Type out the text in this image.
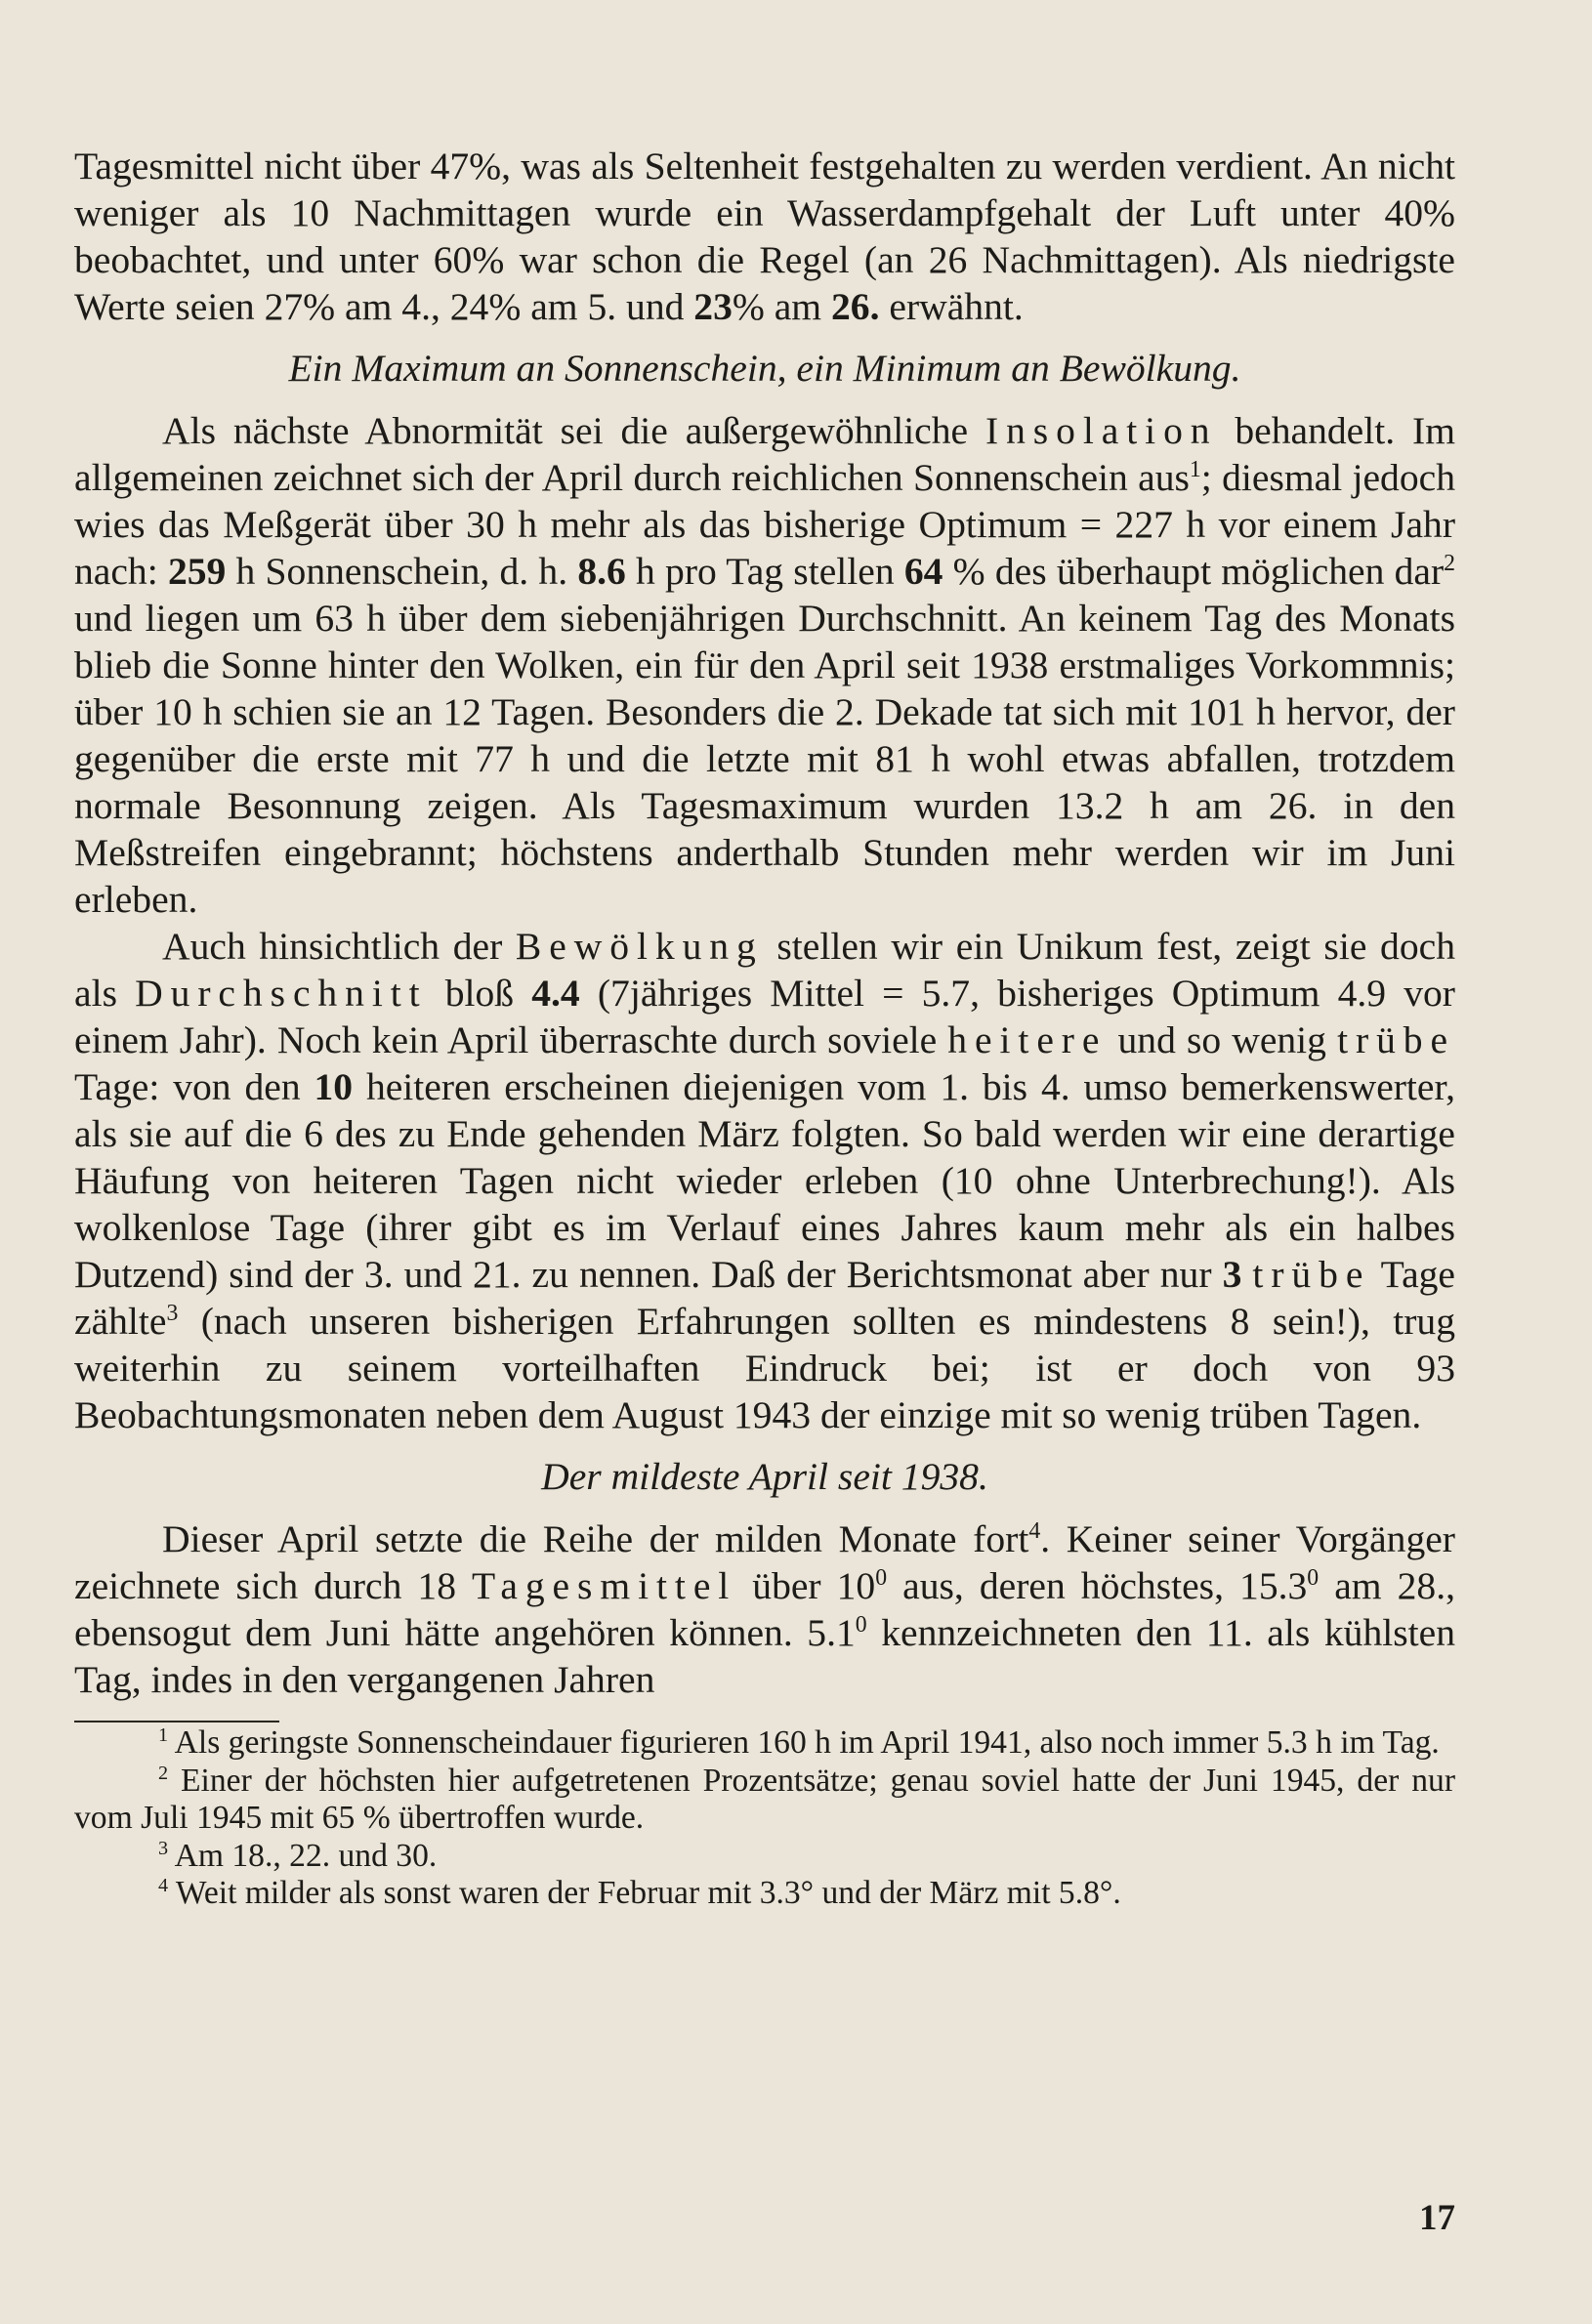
Tagesmittel nicht über 47%, was als Seltenheit festgehalten zu werden verdient. An nicht weniger als 10 Nachmittagen wurde ein Wasserdampfgehalt der Luft unter 40% beobachtet, und unter 60% war schon die Regel (an 26 Nachmittagen). Als niedrigste Werte seien 27% am 4., 24% am 5. und 23% am 26. erwähnt.

Ein Maximum an Sonnenschein, ein Minimum an Bewölkung.

Als nächste Abnormität sei die außergewöhnliche Insolation behandelt. Im allgemeinen zeichnet sich der April durch reichlichen Sonnenschein aus$^1$; diesmal jedoch wies das Meßgerät über 30 h mehr als das bisherige Optimum = 227 h vor einem Jahr nach: 259 h Sonnenschein, d. h. 8.6 h pro Tag stellen 64 % des überhaupt möglichen dar$^2$ und liegen um 63 h über dem siebenjährigen Durchschnitt. An keinem Tag des Monats blieb die Sonne hinter den Wolken, ein für den April seit 1938 erstmaliges Vorkommnis; über 10 h schien sie an 12 Tagen. Besonders die 2. Dekade tat sich mit 101 h hervor, der gegenüber die erste mit 77 h und die letzte mit 81 h wohl etwas abfallen, trotzdem normale Besonnung zeigen. Als Tagesmaximum wurden 13.2 h am 26. in den Meßstreifen eingebrannt; höchstens anderthalb Stunden mehr werden wir im Juni erleben.

Auch hinsichtlich der Bewölkung stellen wir ein Unikum fest, zeigt sie doch als Durchschnitt bloß 4.4 (7jähriges Mittel = 5.7, bisheriges Optimum 4.9 vor einem Jahr). Noch kein April überraschte durch soviele heitere und so wenig trübe Tage: von den 10 heiteren erscheinen diejenigen vom 1. bis 4. umso bemerkenswerter, als sie auf die 6 des zu Ende gehenden März folgten. So bald werden wir eine derartige Häufung von heiteren Tagen nicht wieder erleben (10 ohne Unterbrechung!). Als wolkenlose Tage (ihrer gibt es im Verlauf eines Jahres kaum mehr als ein halbes Dutzend) sind der 3. und 21. zu nennen. Daß der Berichtsmonat aber nur 3 trübe Tage zählte$^3$ (nach unseren bisherigen Erfahrungen sollten es mindestens 8 sein!), trug weiterhin zu seinem vorteilhaften Eindruck bei; ist er doch von 93 Beobachtungsmonaten neben dem August 1943 der einzige mit so wenig trüben Tagen.

Der mildeste April seit 1938.

Dieser April setzte die Reihe der milden Monate fort$^4$. Keiner seiner Vorgänger zeichnete sich durch 18 Tagesmittel über $10^0$ aus, deren höchstes, 15.3$^0$ am 28., ebensogut dem Juni hätte angehören können. $5.1^0$ kennzeichneten den 11. als kühlsten Tag, indes in den vergangenen Jahren

$^1$ Als geringste Sonnenscheindauer figurieren 160 h im April 1941, also noch immer 5.3 h im Tag.

$^2$ Einer der höchsten hier aufgetretenen Prozentsätze; genau soviel hatte der Juni 1945, der nur vom Juli 1945 mit 65 % übertroffen wurde.

$^3$ Am 18., 22. und 30.

$^4$ Weit milder als sonst waren der Februar mit 3.3° und der März mit 5.8°.

17
